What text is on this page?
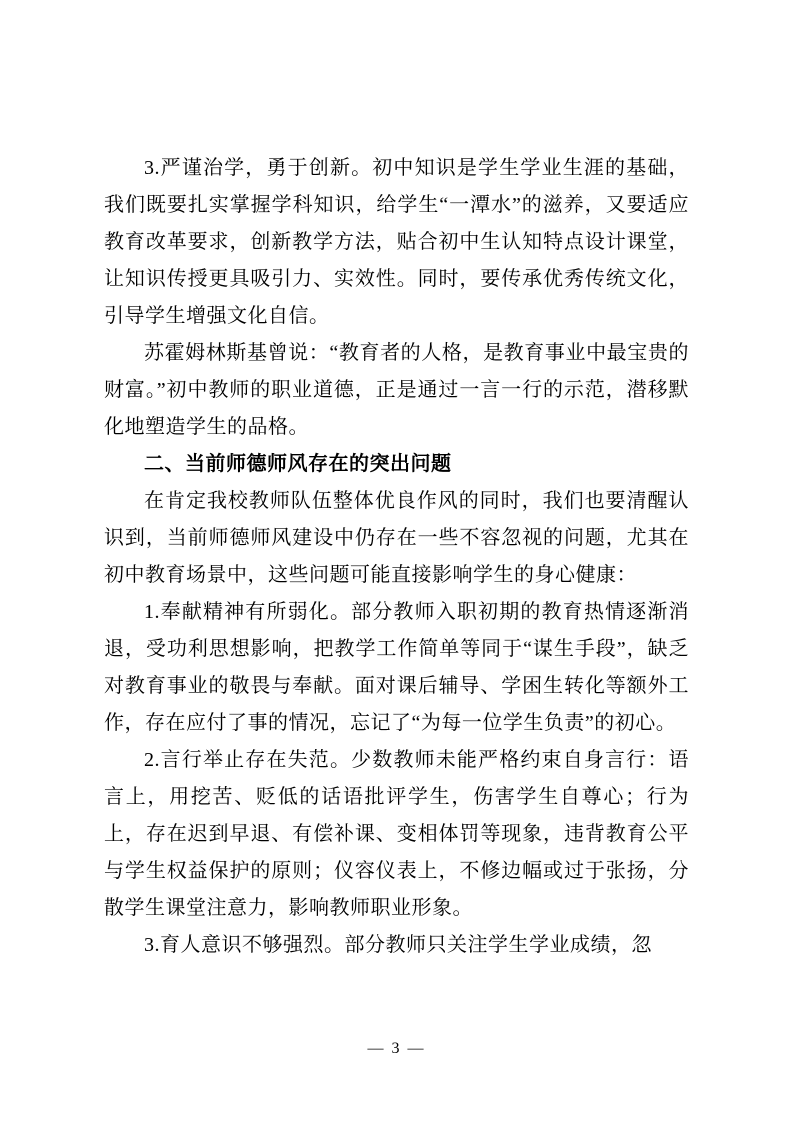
3.严谨治学，勇于创新。初中知识是学生学业生涯的基础，我们既要扎实掌握学科知识，给学生“一潭水”的滋养，又要适应教育改革要求，创新教学方法，贴合初中生认知特点设计课堂，让知识传授更具吸引力、实效性。同时，要传承优秀传统文化，引导学生增强文化自信。

苏霍姆林斯基曾说：“教育者的人格，是教育事业中最宝贵的财富。”初中教师的职业道德，正是通过一言一行的示范，潜移默化地塑造学生的品格。

二、当前师德师风存在的突出问题

在肯定我校教师队伍整体优良作风的同时，我们也要清醒认识到，当前师德师风建设中仍存在一些不容忽视的问题，尤其在初中教育场景中，这些问题可能直接影响学生的身心健康：

1.奉献精神有所弱化。部分教师入职初期的教育热情逐渐消退，受功利思想影响，把教学工作简单等同于“谋生手段”，缺乏对教育事业的敬畏与奉献。面对课后辅导、学困生转化等额外工作，存在应付了事的情况，忘记了“为每一位学生负责”的初心。

2.言行举止存在失范。少数教师未能严格约束自身言行：语言上，用挖苦、贬低的话语批评学生，伤害学生自尊心；行为上，存在迟到早退、有偿补课、变相体罚等现象，违背教育公平与学生权益保护的原则；仪容仪表上，不修边幅或过于张扬，分散学生课堂注意力，影响教师职业形象。

3.育人意识不够强烈。部分教师只关注学生学业成绩，忽

— 3 —
